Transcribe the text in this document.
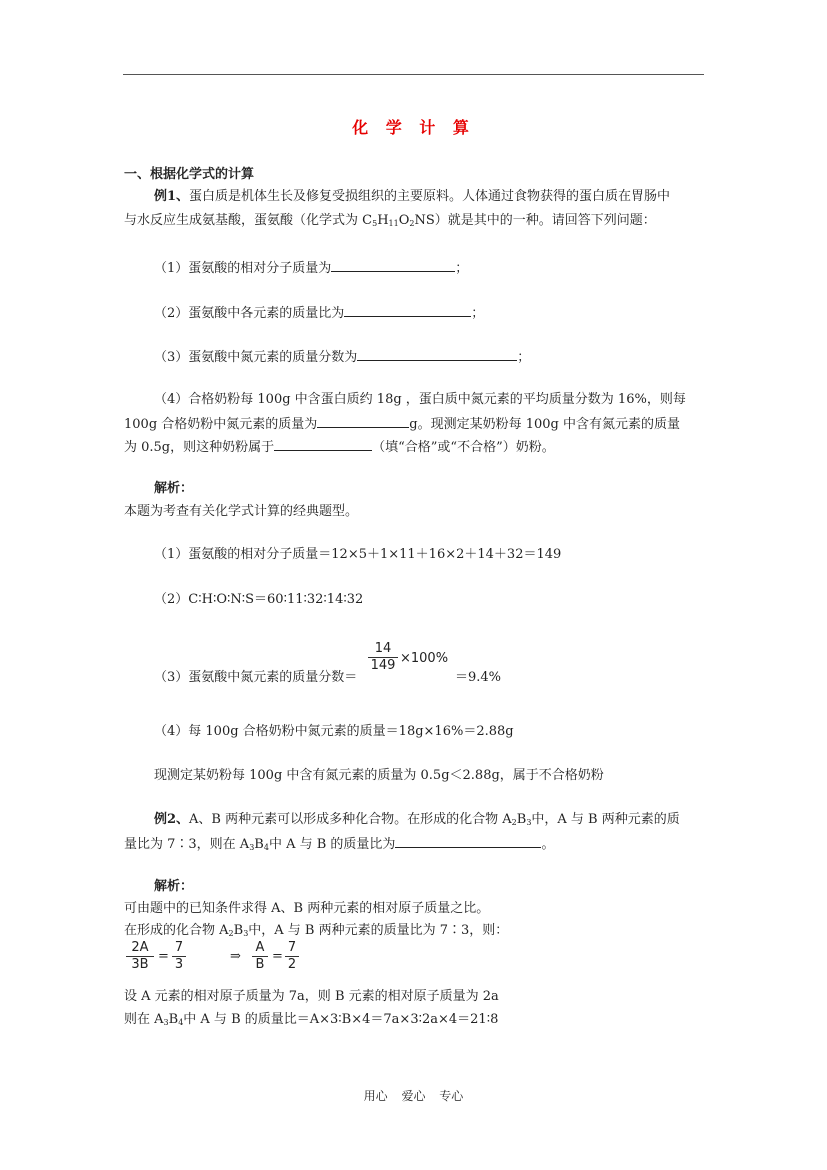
化 学 计 算
一、根据化学式的计算
例1、蛋白质是机体生长及修复受损组织的主要原料。人体通过食物获得的蛋白质在胃肠中
与水反应生成氨基酸，蛋氨酸（化学式为 $C_5H_{11}O_2NS$）就是其中的一种。请回答下列问题：
（1）蛋氨酸的相对分子质量为	；
（2）蛋氨酸中各元素的质量比为	；
（3）蛋氨酸中氮元素的质量分数为	；
（4）合格奶粉每 100g 中含蛋白质约 18g ，蛋白质中氮元素的平均质量分数为 16%，则每
100g 合格奶粉中氮元素的质量为	g。现测定某奶粉每 100g 中含有氮元素的质量
为 0.5g，则这种奶粉属于	（填“合格”或“不合格”）奶粉。
解析：
本题为考查有关化学式计算的经典题型。
（1）蛋氨酸的相对分子质量＝12×5＋1×11＋16×2＋14＋32＝149
（2）C∶H∶O∶N∶S＝60∶11∶32∶14∶32
（3）蛋氨酸中氮元素的质量分数＝
14
149 ×100%
＝9.4%
（4）每 100g 合格奶粉中氮元素的质量＝18g×16%＝2.88g
现测定某奶粉每 100g 中含有氮元素的质量为 0.5g＜2.88g，属于不合格奶粉
例2、A、B 两种元素可以形成多种化合物。在形成的化合物 $A_2B_3$中，A 与 B 两种元素的质
量比为 7∶3，则在 $A_3B_4$中 A 与 B 的质量比为	。
解析：
可由题中的已知条件求得 A、B 两种元素的相对原子质量之比。
在形成的化合物 $A_2B_3$中，A 与 B 两种元素的质量比为 7∶3，则：
2A
3B
=
7
3
⇒
A
B
=
7
2
设 A 元素的相对原子质量为 7a，则 B 元素的相对原子质量为 2a
则在 $A_3B_4$中 A 与 B 的质量比＝A×3∶B×4＝7a×3∶2a×4＝21∶8
用心 爱心 专心
